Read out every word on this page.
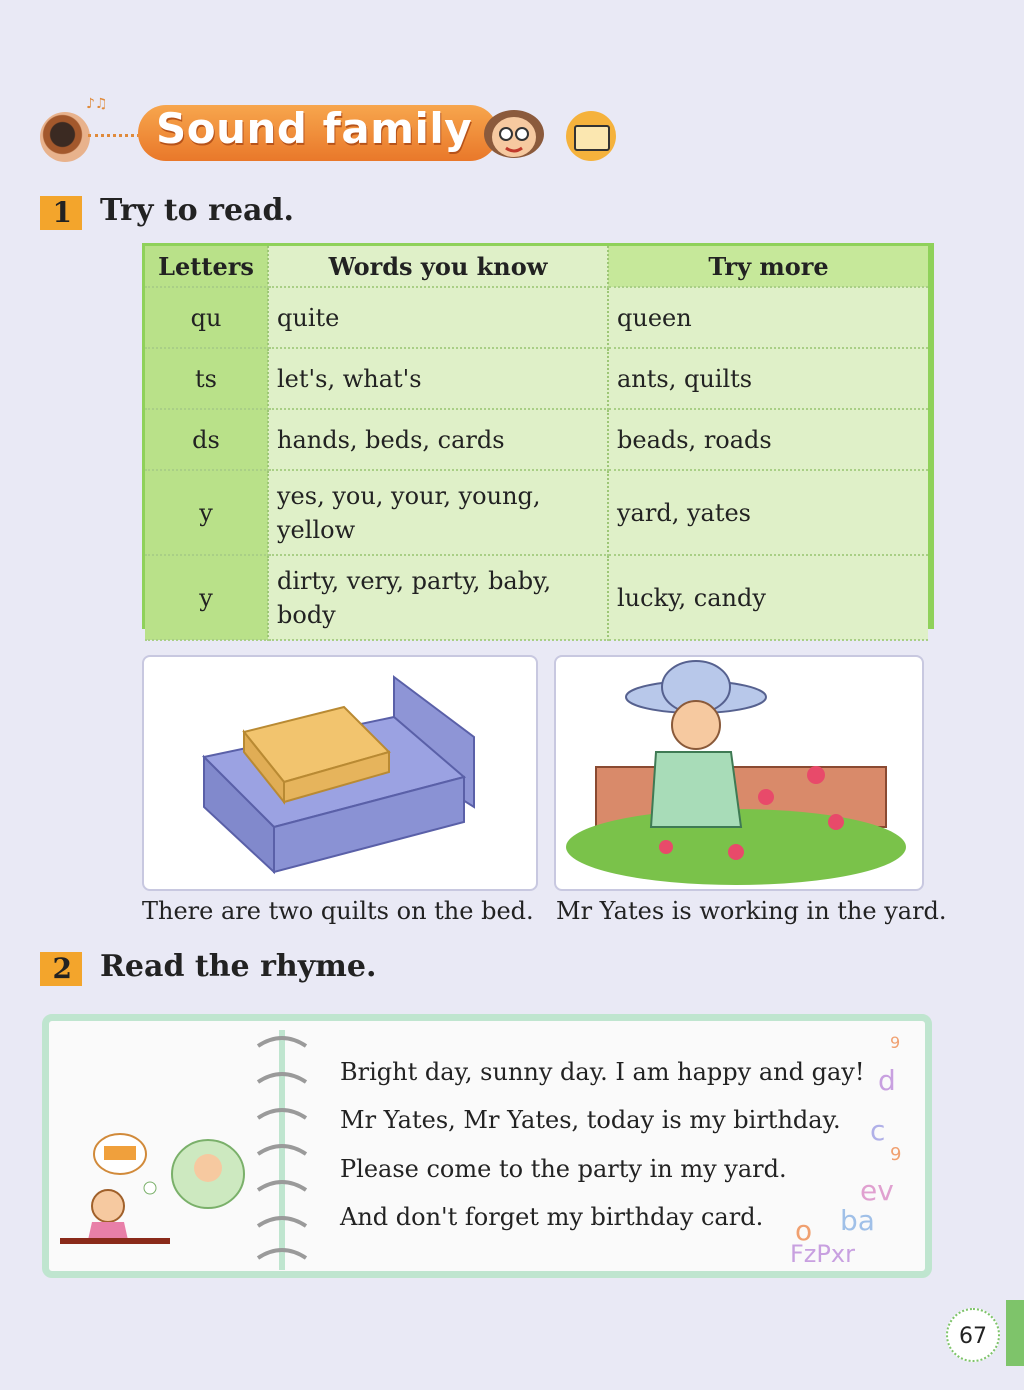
♪♫ Sound family
1 Try to read.
Letters	Words you know	Try more
qu	quite	queen
ts	let's, what's	ants, quilts
ds	hands, beds, cards	beads, roads
y	yes, you, your, young, yellow	yard, yates
y	dirty, very, party, baby, body	lucky, candy
There are two quilts on the bed. Mr Yates is working in the yard.
2 Read the rhyme.
Bright day, sunny day. I am happy and gay!
Mr Yates, Mr Yates, today is my birthday.
Please come to the party in my yard.
And don't forget my birthday card.
9
d
c
9
ev
ba
o
FzPxr
67
